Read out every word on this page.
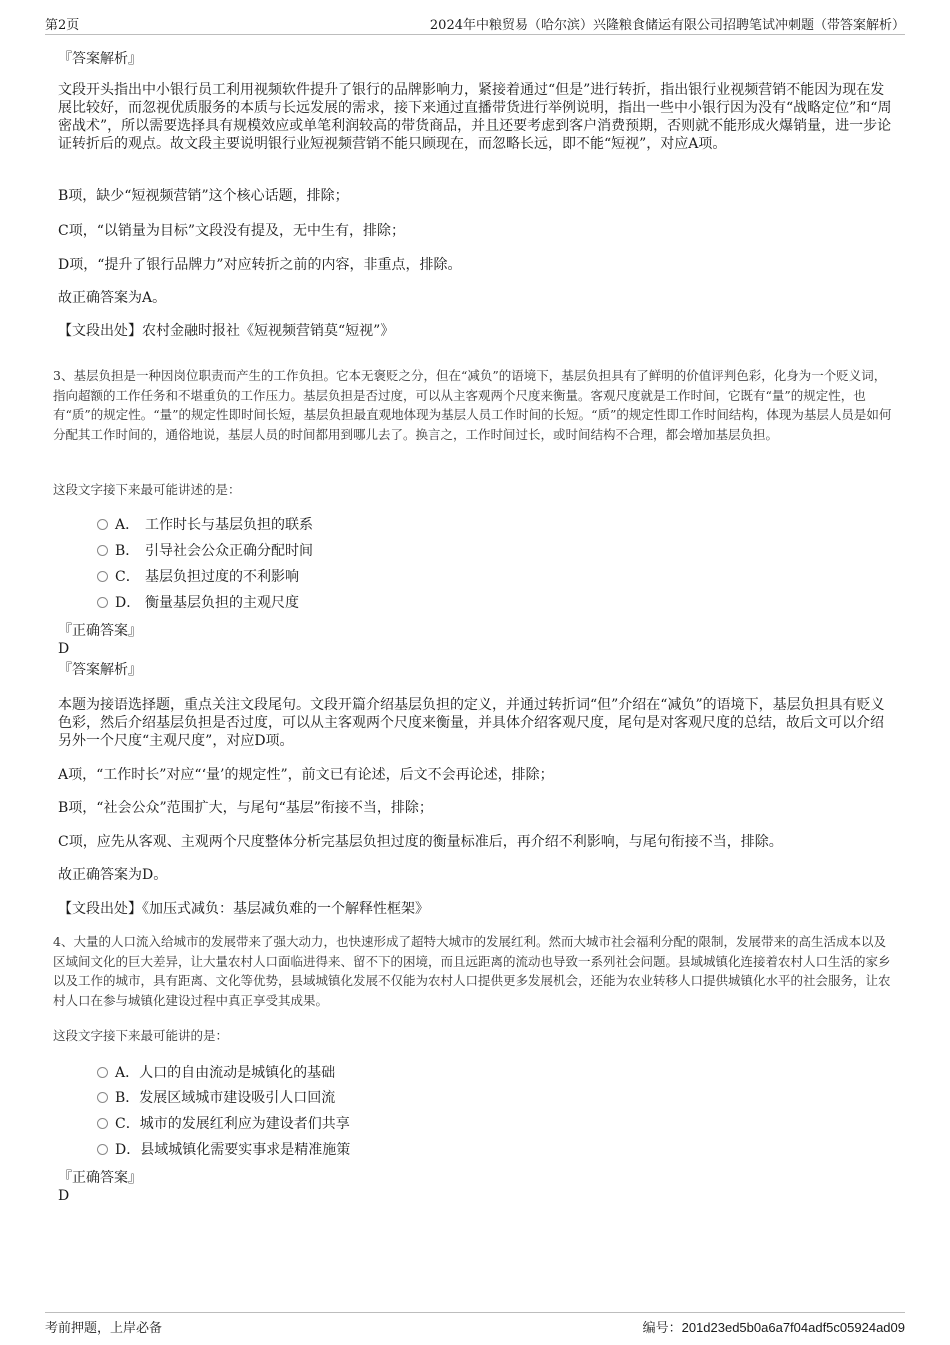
第2页	2024年中粮贸易（哈尔滨）兴隆粮食储运有限公司招聘笔试冲刺题（带答案解析）
『答案解析』
文段开头指出中小银行员工利用视频软件提升了银行的品牌影响力，紧接着通过“但是”进行转折，指出银行业视频营销不能因为现在发展比较好，而忽视优质服务的本质与长远发展的需求，接下来通过直播带货进行举例说明，指出一些中小银行因为没有“战略定位”和“周密战术”，所以需要选择具有规模效应或单笔利润较高的带货商品，并且还要考虑到客户消费预期，否则就不能形成火爆销量，进一步论证转折后的观点。故文段主要说明银行业短视频营销不能只顾现在，而忽略长远，即不能“短视”，对应A项。
B项，缺少“短视频营销”这个核心话题，排除；
C项，“以销量为目标”文段没有提及，无中生有，排除；
D项，“提升了银行品牌力”对应转折之前的内容，非重点，排除。
故正确答案为A。
【文段出处】农村金融时报社《短视频营销莫“短视”》
3、基层负担是一种因岗位职责而产生的工作负担。它本无褒贬之分，但在“减负”的语境下，基层负担具有了鲜明的价值评判色彩，化身为一个贬义词，指向超额的工作任务和不堪重负的工作压力。基层负担是否过度，可以从主客观两个尺度来衡量。客观尺度就是工作时间，它既有“量”的规定性，也有“质”的规定性。“量”的规定性即时间长短，基层负担最直观地体现为基层人员工作时间的长短。“质”的规定性即工作时间结构，体现为基层人员是如何分配其工作时间的，通俗地说，基层人员的时间都用到哪儿去了。换言之，工作时间过长，或时间结构不合理，都会增加基层负担。
这段文字接下来最可能讲述的是：
A． 工作时长与基层负担的联系
B． 引导社会公众正确分配时间
C． 基层负担过度的不利影响
D． 衡量基层负担的主观尺度
『正确答案』
D
『答案解析』
本题为接语选择题，重点关注文段尾句。文段开篇介绍基层负担的定义，并通过转折词“但”介绍在“减负”的语境下，基层负担具有贬义色彩，然后介绍基层负担是否过度，可以从主客观两个尺度来衡量，并具体介绍客观尺度，尾句是对客观尺度的总结，故后文可以介绍另外一个尺度“主观尺度”，对应D项。
A项，“工作时长”对应“‘量’的规定性”，前文已有论述，后文不会再论述，排除；
B项，“社会公众”范围扩大，与尾句“基层”衔接不当，排除；
C项，应先从客观、主观两个尺度整体分析完基层负担过度的衡量标准后，再介绍不利影响，与尾句衔接不当，排除。
故正确答案为D。
【文段出处】《加压式减负：基层减负难的一个解释性框架》
4、大量的人口流入给城市的发展带来了强大动力，也快速形成了超特大城市的发展红利。然而大城市社会福利分配的限制，发展带来的高生活成本以及区域间文化的巨大差异，让大量农村人口面临进得来、留不下的困境，而且远距离的流动也导致一系列社会问题。县域城镇化连接着农村人口生活的家乡以及工作的城市，具有距离、文化等优势，县域城镇化发展不仅能为农村人口提供更多发展机会，还能为农业转移人口提供城镇化水平的社会服务，让农村人口在参与城镇化建设过程中真正享受其成果。
这段文字接下来最可能讲的是：
A．人口的自由流动是城镇化的基础
B．发展区域城市建设吸引人口回流
C．城市的发展红利应为建设者们共享
D．县域城镇化需要实事求是精准施策
『正确答案』
D
考前押题，上岸必备	编号：201d23ed5b0a6a7f04adf5c05924ad09
